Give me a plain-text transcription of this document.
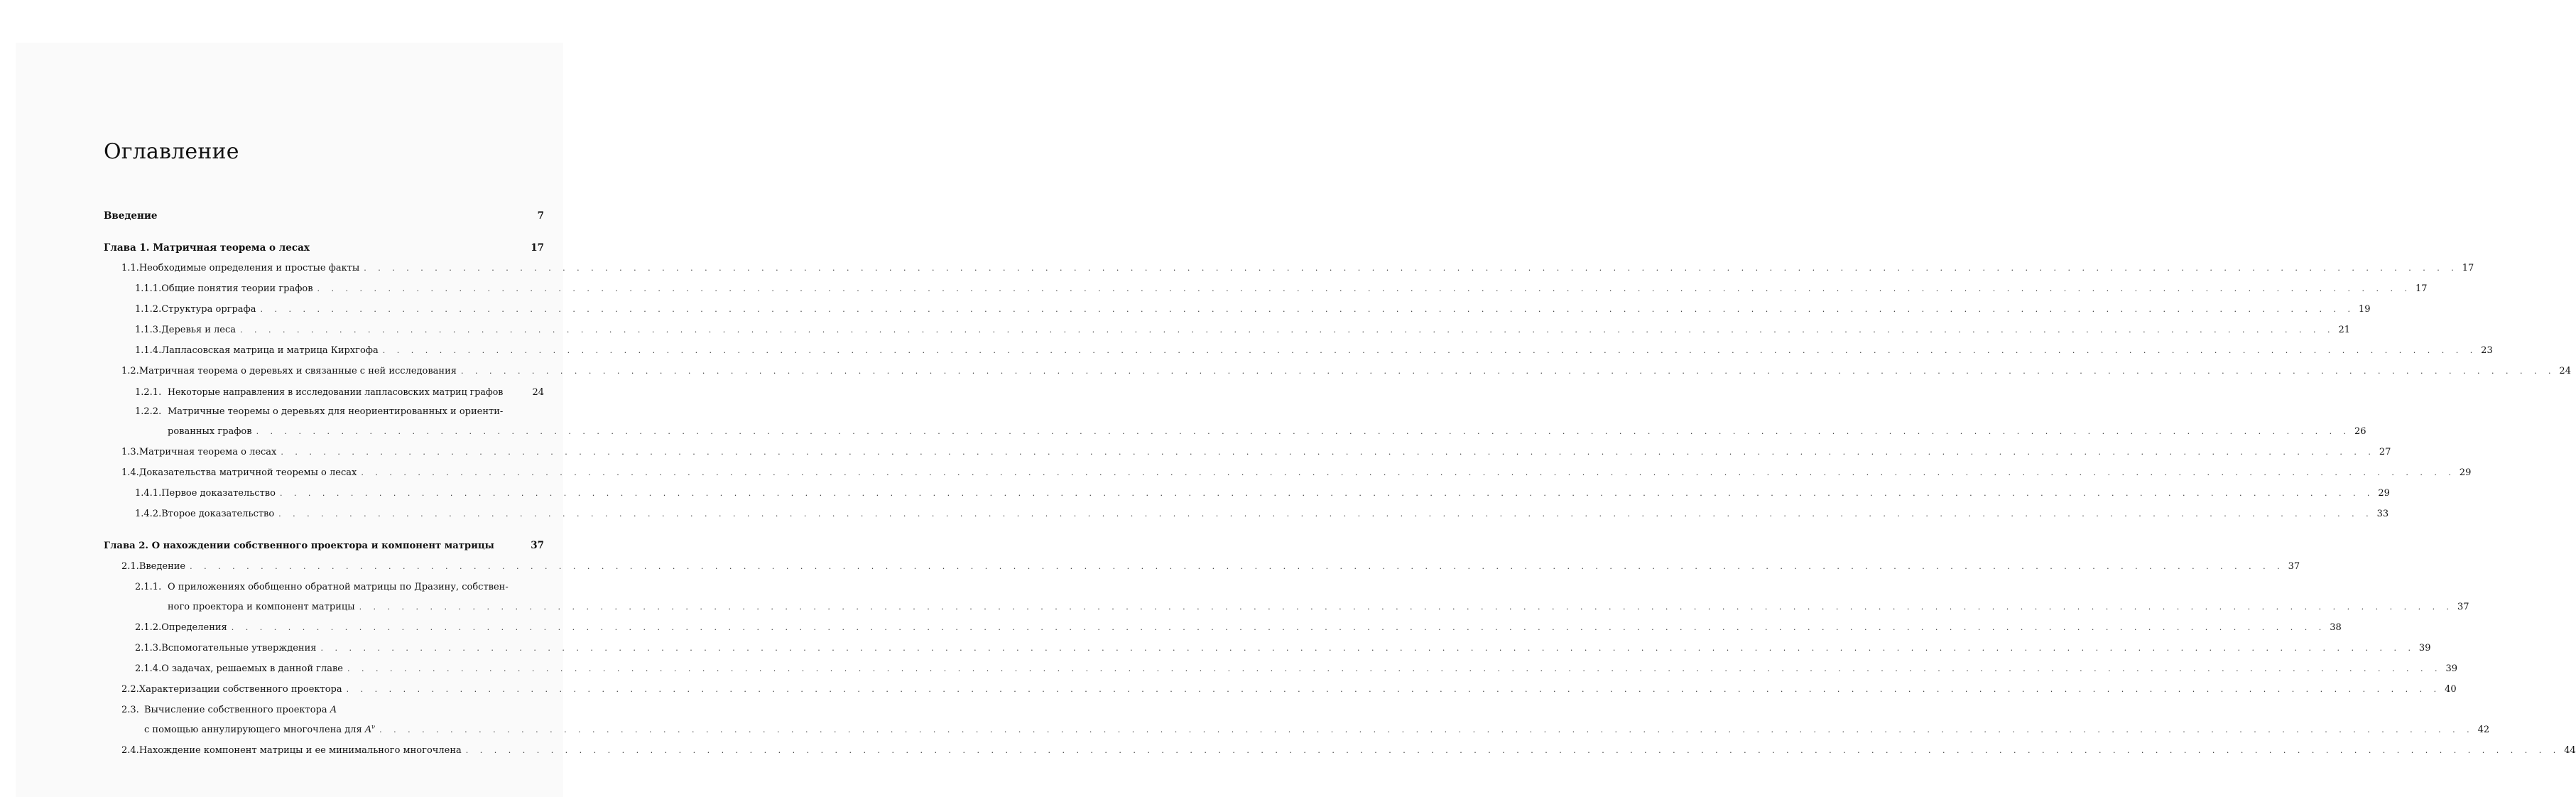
Оглавление
Введение	7
Глава 1. Матричная теорема о лесах	17
1.1. Необходимые определения и простые факты . . .	17
1.1.1. Общие понятия теории графов . . .	17
1.1.2. Структура орграфа . . .	19
1.1.3. Деревья и леса . . .	21
1.1.4. Лапласовская матрица и матрица Кирхгофа . . .	23
1.2. Матричная теорема о деревьях и связанные с ней исследования . . .	24
1.2.1. Некоторые направления в исследовании лапласовских матриц графов	24
1.2.2. Матричные теоремы о деревьях для неориентированных и ориенти-
рованных графов . . .	26
1.3. Матричная теорема о лесах . . .	27
1.4. Доказательства матричной теоремы о лесах . . .	29
1.4.1. Первое доказательство . . .	29
1.4.2. Второе доказательство . . .	33
Глава 2. О нахождении собственного проектора и компонент матрицы	37
2.1. Введение . . .	37
2.1.1. О приложениях обобщенно обратной матрицы по Дразину, собствен-
ного проектора и компонент матрицы . . .	37
2.1.2. Определения . . .	38
2.1.3. Вспомогательные утверждения . . .	39
2.1.4. О задачах, решаемых в данной главе . . .	39
2.2. Характеризации собственного проектора . . .	40
2.3. Вычисление собственного проектора A
с помощью аннулирующего многочлена для $A^\nu$ . . .	42
2.4. Нахождение компонент матрицы и ее минимального многочлена . . .	44
